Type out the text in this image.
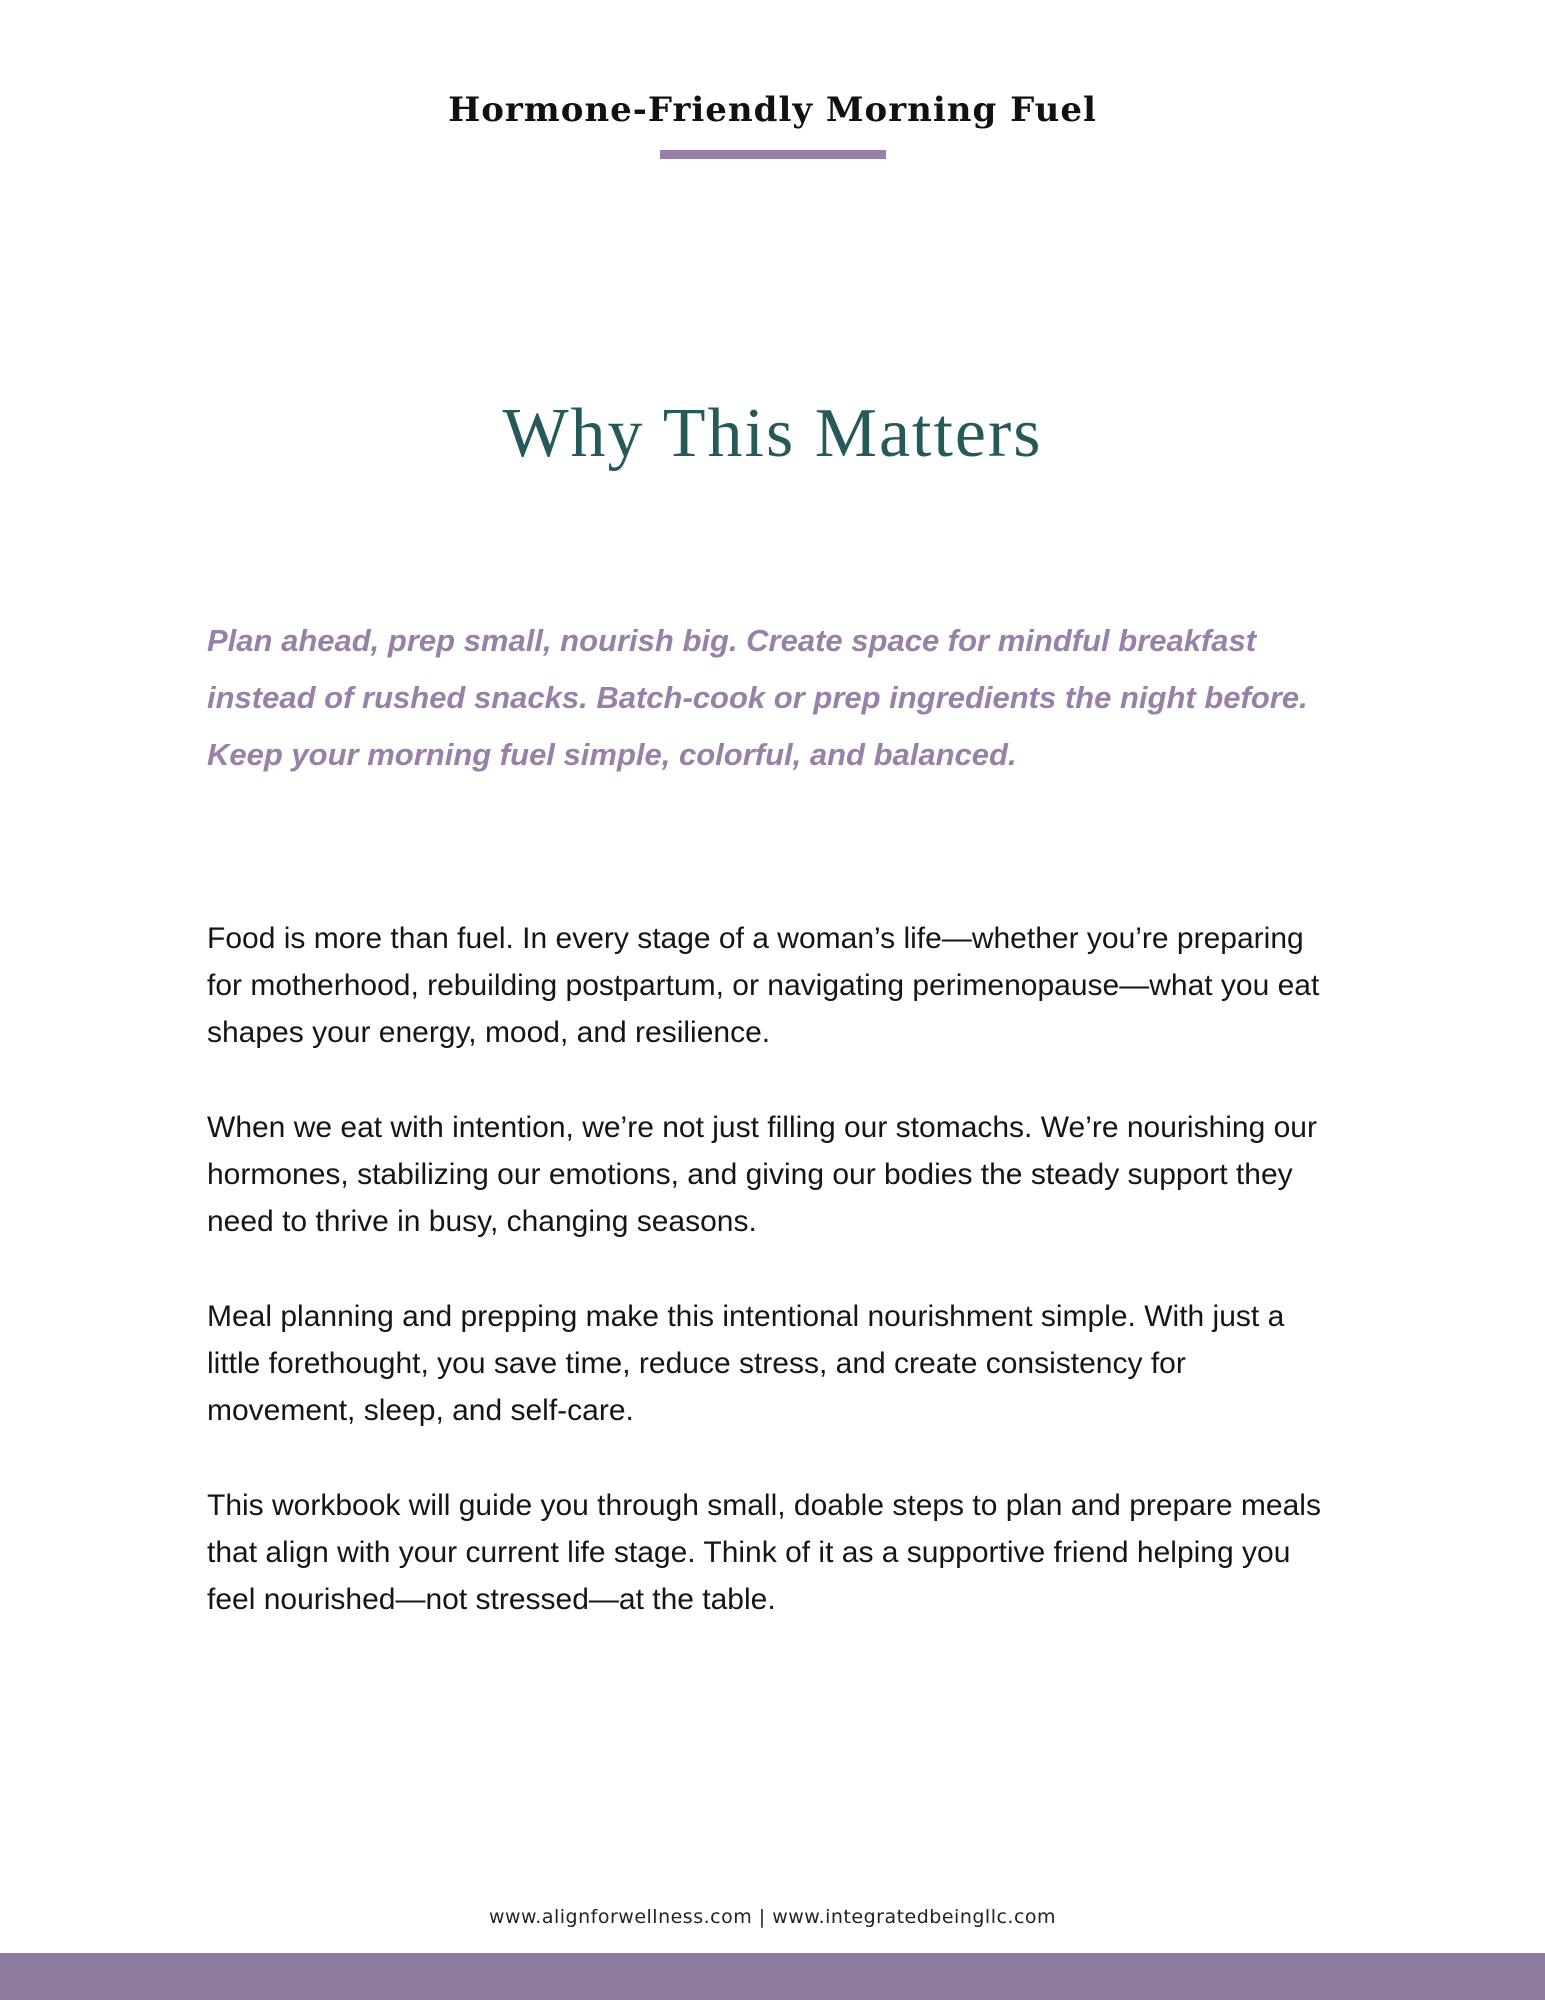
Hormone-Friendly Morning Fuel
Why This Matters

Plan ahead, prep small, nourish big. Create space for mindful breakfast instead of rushed snacks. Batch-cook or prep ingredients the night before. Keep your morning fuel simple, colorful, and balanced.

Food is more than fuel. In every stage of a woman’s life—whether you’re preparing for motherhood, rebuilding postpartum, or navigating perimenopause—what you eat shapes your energy, mood, and resilience.

When we eat with intention, we’re not just filling our stomachs. We’re nourishing our hormones, stabilizing our emotions, and giving our bodies the steady support they need to thrive in busy, changing seasons.

Meal planning and prepping make this intentional nourishment simple. With just a little forethought, you save time, reduce stress, and create consistency for movement, sleep, and self-care.

This workbook will guide you through small, doable steps to plan and prepare meals that align with your current life stage. Think of it as a supportive friend helping you feel nourished—not stressed—at the table.

www.alignforwellness.com | www.integratedbeingllc.com
